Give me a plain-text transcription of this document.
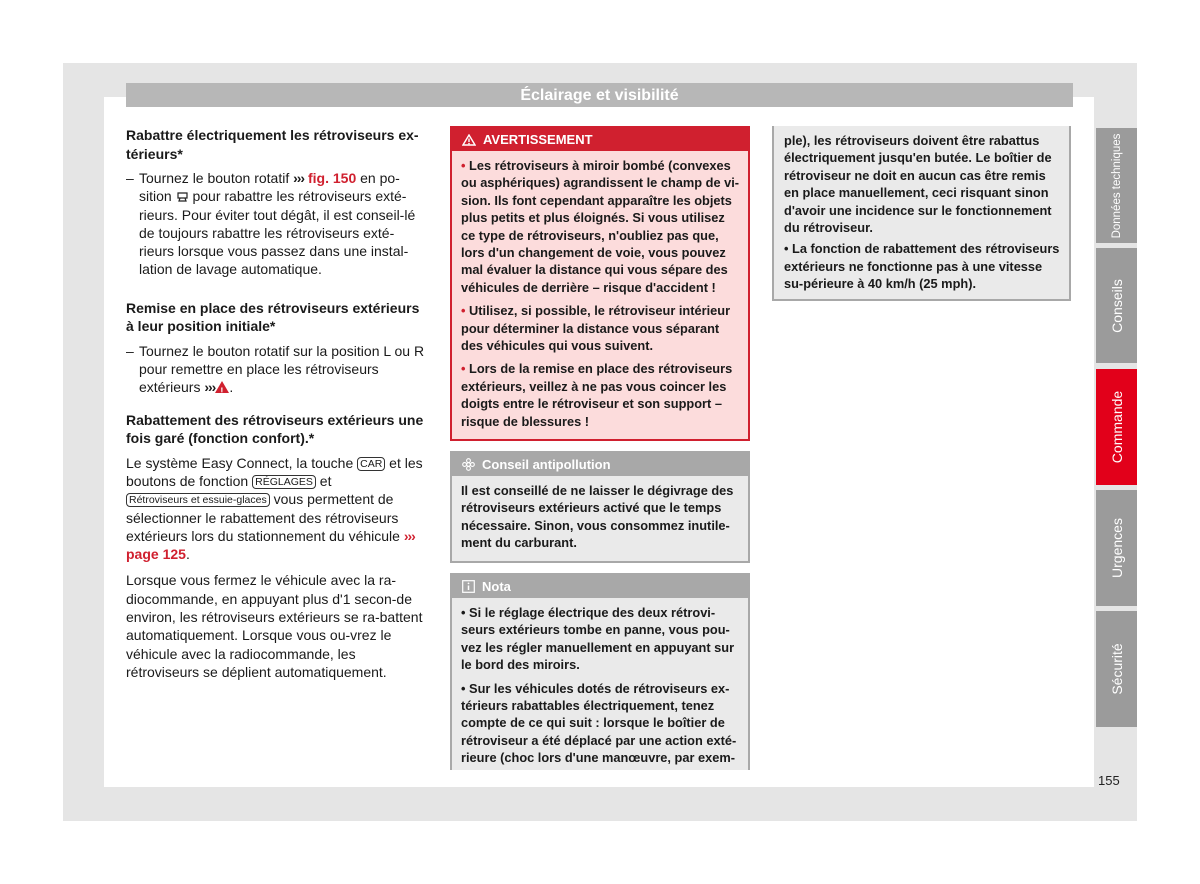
Éclairage et visibilité
Rabattre électriquement les rétroviseurs ex-térieurs*
– Tournez le bouton rotatif ››› fig. 150 en po-sition  pour rabattre les rétroviseurs exté-rieurs. Pour éviter tout dégât, il est conseil-lé de toujours rabattre les rétroviseurs exté-rieurs lorsque vous passez dans une instal-lation de lavage automatique.
Remise en place des rétroviseurs extérieurs à leur position initiale*
– Tournez le bouton rotatif sur la position L ou R pour remettre en place les rétroviseurs extérieurs ›››! .
Rabattement des rétroviseurs extérieurs une fois garé (fonction confort).*

Le système Easy Connect, la touche CAR et les boutons de fonction RÉGLAGES et Rétroviseurs et essuie-glaces vous permettent de sélectionner le rabattement des rétroviseurs extérieurs lors du stationnement du véhicule ››› page 125.

Lorsque vous fermez le véhicule avec la ra-diocommande, en appuyant plus d'1 secon-de environ, les rétroviseurs extérieurs se ra-battent automatiquement. Lorsque vous ou-vrez le véhicule avec la radiocommande, les rétroviseurs se déplient automatiquement.

AVERTISSEMENT

• Les rétroviseurs à miroir bombé (convexes ou asphériques) agrandissent le champ de vi-sion. Ils font cependant apparaître les objets plus petits et plus éloignés. Si vous utilisez ce type de rétroviseurs, n'oubliez pas que, lors d'un changement de voie, vous pouvez mal évaluer la distance qui vous sépare des véhicules de derrière – risque d'accident !

• Utilisez, si possible, le rétroviseur intérieur pour déterminer la distance vous séparant des véhicules qui vous suivent.

• Lors de la remise en place des rétroviseurs extérieurs, veillez à ne pas vous coincer les doigts entre le rétroviseur et son support – risque de blessures !

Conseil antipollution

Il est conseillé de ne laisser le dégivrage des rétroviseurs extérieurs activé que le temps nécessaire. Sinon, vous consommez inutile-ment du carburant.

Nota

• Si le réglage électrique des deux rétrovi-seurs extérieurs tombe en panne, vous pou-vez les régler manuellement en appuyant sur le bord des miroirs.

• Sur les véhicules dotés de rétroviseurs ex-térieurs rabattables électriquement, tenez compte de ce qui suit : lorsque le boîtier de rétroviseur a été déplacé par une action exté-rieure (choc lors d'une manœuvre, par exem-

ple), les rétroviseurs doivent être rabattus électriquement jusqu'en butée. Le boîtier de rétroviseur ne doit en aucun cas être remis en place manuellement, ceci risquant sinon d'avoir une incidence sur le fonctionnement du rétroviseur.

• La fonction de rabattement des rétroviseurs extérieurs ne fonctionne pas à une vitesse su-périeure à 40 km/h (25 mph).

Données techniques
Conseils
Commande
Urgences
Sécurité
155
